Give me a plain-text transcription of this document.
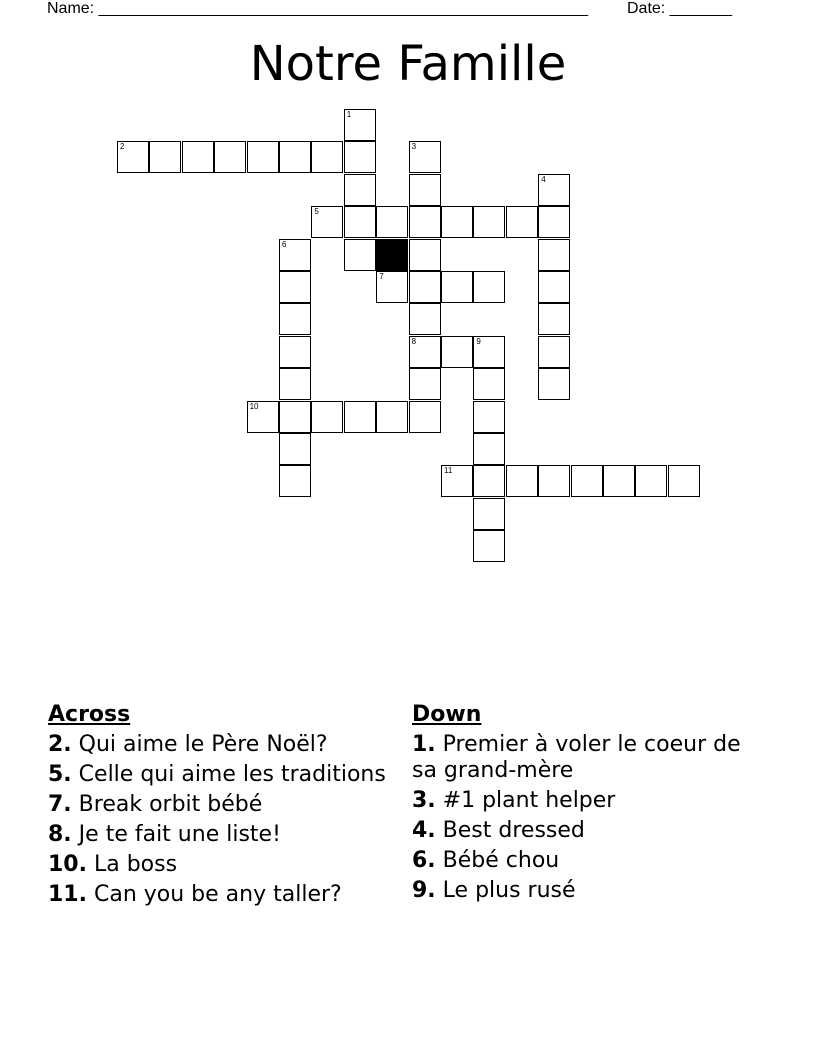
Name: _______________________________________________________ Date: _______
Notre Famille
1
2	3
4
5
6
7
8	9
10
11
Across
2. Qui aime le Père Noël?
5. Celle qui aime les traditions
7. Break orbit bébé
8. Je te fait une liste!
10. La boss
11. Can you be any taller?
Down
1. Premier à voler le coeur de sa grand-mère
3. #1 plant helper
4. Best dressed
6. Bébé chou
9. Le plus rusé
